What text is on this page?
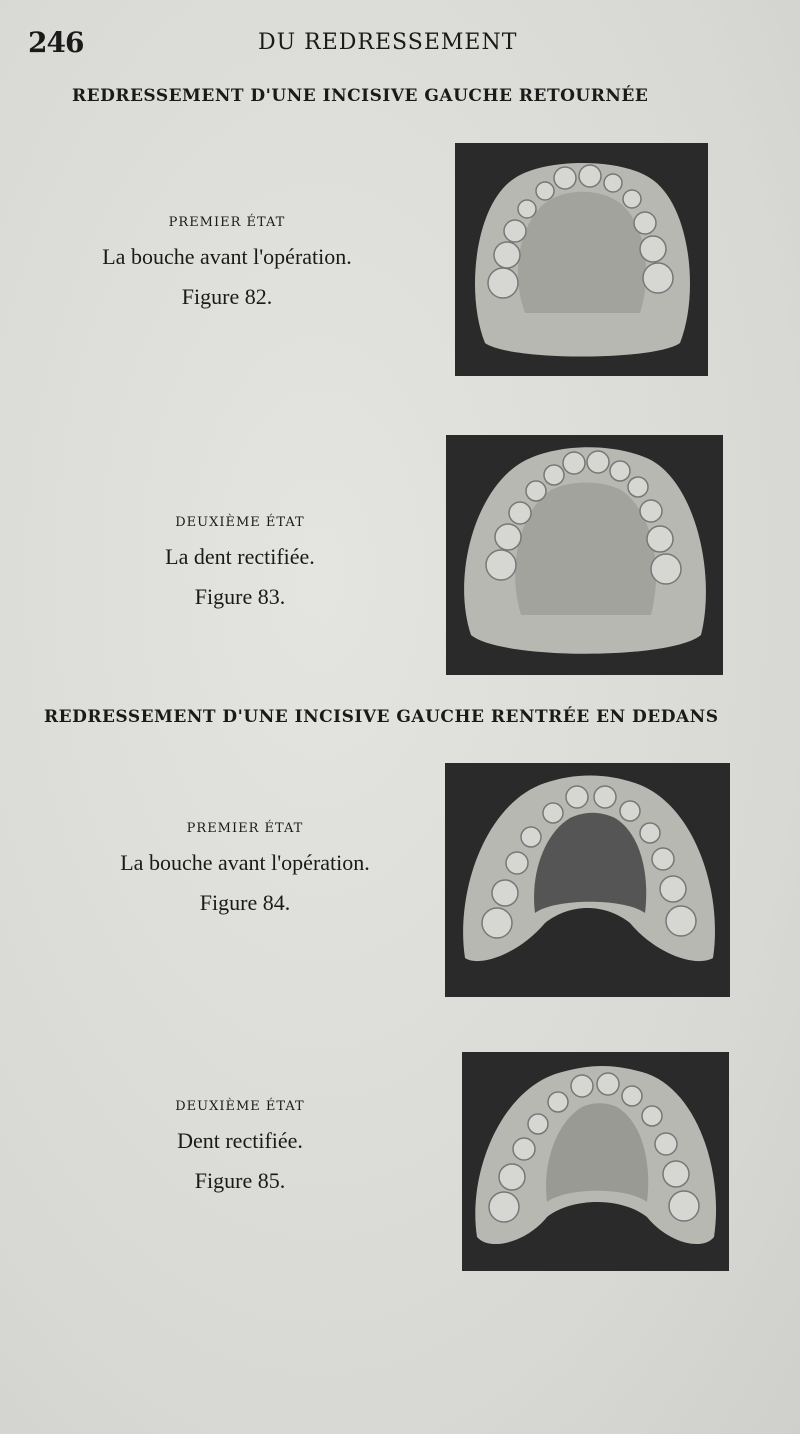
246	DU REDRESSEMENT
REDRESSEMENT D'UNE INCISIVE GAUCHE RETOURNÉE
PREMIER ÉTAT
La bouche avant l'opération.
Figure 82.
DEUXIÈME ÉTAT
La dent rectifiée.
Figure 83.
REDRESSEMENT D'UNE INCISIVE GAUCHE RENTRÉE EN DEDANS
PREMIER ÉTAT
La bouche avant l'opération.
Figure 84.
DEUXIÈME ÉTAT
Dent rectifiée.
Figure 85.
